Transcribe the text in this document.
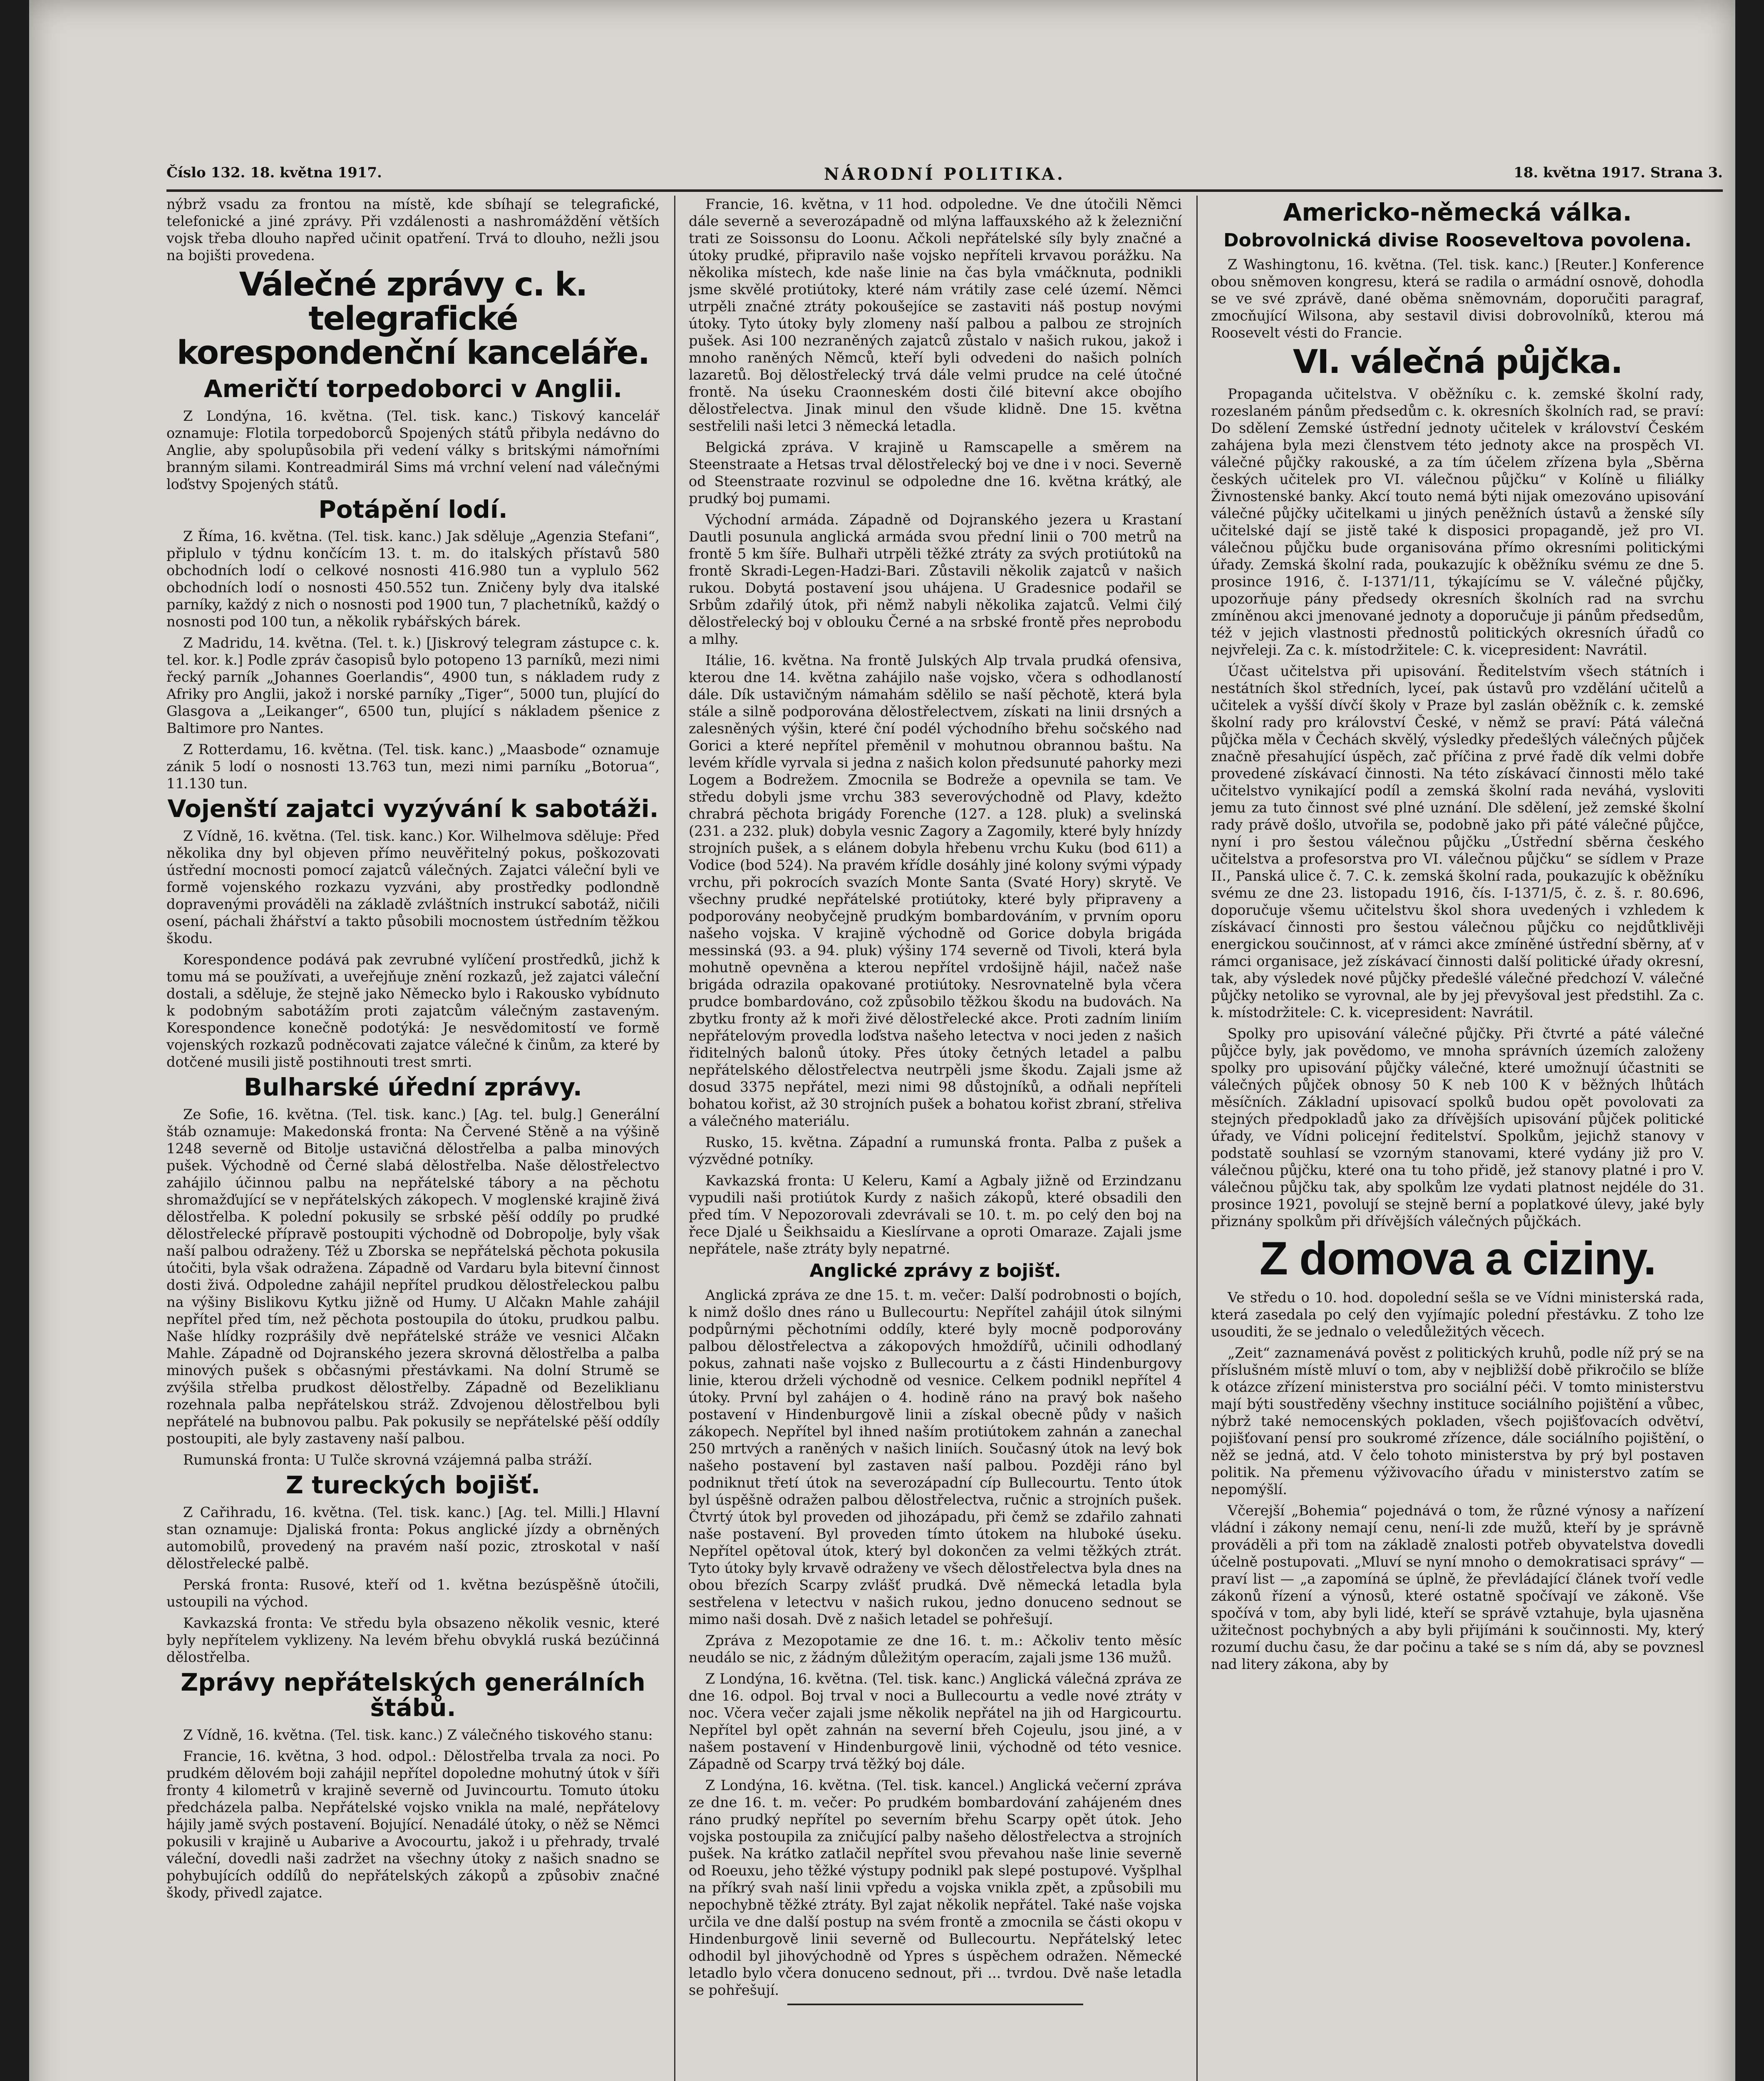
Číslo 132. 18. května 1917.	NÁRODNÍ POLITIKA.	18. května 1917. Strana 3.

nýbrž vsadu za frontou na místě, kde sbíhají se telegrafické, telefonické a jiné zprávy. Při vzdálenosti a nashromáždění větších vojsk třeba dlouho napřed učinit opatření. Trvá to dlouho, nežli jsou na bojišti provedena.

Válečné zprávy c. k. telegrafické korespondenční kanceláře.
Američtí torpedoborci v Anglii.

Z Londýna, 16. května. (Tel. tisk. kanc.) Tiskový kancelář oznamuje: Flotila torpedoborců Spojených států přibyla nedávno do Anglie, aby spolupůsobila při vedení války s britskými námořními branným silami. Kontreadmirál Sims má vrchní velení nad válečnými loďstvy Spojených států.

Potápění lodí.

Z Říma, 16. května. (Tel. tisk. kanc.) Jak sděluje „Agenzia Stefani“, připlulo v týdnu končícím 13. t. m. do italských přístavů 580 obchodních lodí o celkové nosnosti 416.980 tun a vyplulo 562 obchodních lodí o nosnosti 450.552 tun. Zničeny byly dva italské parníky, každý z nich o nosnosti pod 1900 tun, 7 plachetníků, každý o nosnosti pod 100 tun, a několik rybářských bárek.

Z Madridu, 14. května. (Tel. t. k.) [Jiskrový telegram zástupce c. k. tel. kor. k.] Podle zpráv časopisů bylo potopeno 13 parníků, mezi nimi řecký parník „Johannes Goerlandis“, 4900 tun, s nákladem rudy z Afriky pro Anglii, jakož i norské parníky „Tiger“, 5000 tun, plující do Glasgova a „Leikanger“, 6500 tun, plující s nákladem pšenice z Baltimore pro Nantes.

Z Rotterdamu, 16. května. (Tel. tisk. kanc.) „Maasbode“ oznamuje zánik 5 lodí o nosnosti 13.763 tun, mezi nimi parníku „Botorua“, 11.130 tun.

Vojenští zajatci vyzývání k sabotáži.

Z Vídně, 16. května. (Tel. tisk. kanc.) Kor. Wilhelmova sděluje: Před několika dny byl objeven přímo neuvěřitelný pokus, poškozovati ústřední mocnosti pomocí zajatců válečných. Zajatci váleční byli ve formě vojenského rozkazu vyzváni, aby prostředky podlondně dopravenými prováděli na základě zvláštních instrukcí sabotáž, ničili osení, páchali žhářství a takto působili mocnostem ústředním těžkou škodu.

Korespondence podává pak zevrubné vylíčení prostředků, jichž k tomu má se používati, a uveřejňuje znění rozkazů, jež zajatci váleční dostali, a sděluje, že stejně jako Německo bylo i Rakousko vybídnuto k podobným sabotážím proti zajatcům válečným zastaveným. Korespondence konečně podotýká: Je nesvědomitostí ve formě vojenských rozkazů podněcovati zajatce válečné k činům, za které by dotčené musili jistě postihnouti trest smrti.

Bulharské úřední zprávy.

Ze Sofie, 16. května. (Tel. tisk. kanc.) [Ag. tel. bulg.] Generální štáb oznamuje: Makedonská fronta: Na Červené Stěně a na výšině 1248 severně od Bitolje ustavičná dělostřelba a palba minových pušek. Východně od Černé slabá dělostřelba. Naše dělostřelectvo zahájilo účinnou palbu na nepřátelské tábory a na pěchotu shromažďující se v nepřátelských zákopech. V moglenské krajině živá dělostřelba. K polední pokusily se srbské pěší oddíly po prudké dělostřelecké přípravě postoupiti východně od Dobropolje, byly však naší palbou odraženy. Též u Zborska se nepřátelská pěchota pokusila útočiti, byla však odražena. Západně od Vardaru byla bitevní činnost dosti živá. Odpoledne zahájil nepřítel prudkou dělostřeleckou palbu na výšiny Bislikovu Kytku jižně od Humy. U Alčakn Mahle zahájil nepřítel před tím, než pěchota postoupila do útoku, prudkou palbu. Naše hlídky rozprášily dvě nepřátelské stráže ve vesnici Alčakn Mahle. Západně od Dojranského jezera skrovná dělostřelba a palba minových pušek s občasnými přestávkami. Na dolní Strumě se zvýšila střelba prudkost dělostřelby. Západně od Bezeliklianu rozehnala palba nepřátelskou stráž. Zdvojenou dělostřelbou byli nepřátelé na bubnovou palbu. Pak pokusily se nepřátelské pěší oddíly postoupiti, ale byly zastaveny naší palbou.

Rumunská fronta: U Tulče skrovná vzájemná palba stráží.

Z tureckých bojišť.

Z Cařihradu, 16. května. (Tel. tisk. kanc.) [Ag. tel. Milli.] Hlavní stan oznamuje: Djaliská fronta: Pokus anglické jízdy a obrněných automobilů, provedený na pravém naší pozic, ztroskotal v naší dělostřelecké palbě.

Perská fronta: Rusové, kteří od 1. května bezúspěšně útočili, ustoupili na východ.

Kavkazská fronta: Ve středu byla obsazeno několik vesnic, které byly nepřítelem vyklizeny. Na levém břehu obvyklá ruská bezúčinná dělostřelba.

Zprávy nepřátelských generálních štábů.

Z Vídně, 16. května. (Tel. tisk. kanc.) Z válečného tiskového stanu:

Francie, 16. května, 3 hod. odpol.: Dělostřelba trvala za noci. Po prudkém dělovém boji zahájil nepřítel dopoledne mohutný útok v šíři fronty 4 kilometrů v krajině severně od Juvincourtu. Tomuto útoku předcházela palba. Nepřátelské vojsko vnikla na malé, nepřátelovy hájily jamě svých postavení. Bojující. Nenadálé útoky, o něž se Němci pokusili v krajině u Aubarive a Avocourtu, jakož i u přehrady, trvalé váleční, dovedli naši zadržet na všechny útoky z našich snadno se pohybujících oddílů do nepřátelských zákopů a způsobiv značné škody, přivedl zajatce.

Francie, 16. května, v 11 hod. odpoledne. Ve dne útočili Němci dále severně a severozápadně od mlýna laffauxského až k železniční trati ze Soissonsu do Loonu. Ačkoli nepřátelské síly byly značné a útoky prudké, připravilo naše vojsko nepříteli krvavou porážku. Na několika místech, kde naše linie na čas byla vmáčknuta, podnikli jsme skvělé protiútoky, které nám vrátily zase celé území. Němci utrpěli značné ztráty pokoušejíce se zastaviti náš postup novými útoky. Tyto útoky byly zlomeny naší palbou a palbou ze strojních pušek. Asi 100 nezraněných zajatců zůstalo v našich rukou, jakož i mnoho raněných Němců, kteří byli odvedeni do našich polních lazaretů. Boj dělostřelecký trvá dále velmi prudce na celé útočné frontě. Na úseku Craonneském dosti čilé bitevní akce obojího dělostřelectva. Jinak minul den všude klidně. Dne 15. května sestřelili naši letci 3 německá letadla.

Belgická zpráva. V krajině u Ramscapelle a směrem na Steenstraate a Hetsas trval dělostřelecký boj ve dne i v noci. Severně od Steenstraate rozvinul se odpoledne dne 16. května krátký, ale prudký boj pumami.

Východní armáda. Západně od Dojranského jezera u Krastaní Dautli posunula anglická armáda svou přední linii o 700 metrů na frontě 5 km šíře. Bulhaři utrpěli těžké ztráty za svých protiútoků na frontě Skradi-Legen-Hadzi-Bari. Zůstavili několik zajatců v našich rukou. Dobytá postavení jsou uhájena. U Gradesnice podařil se Srbům zdařilý útok, při němž nabyli několika zajatců. Velmi čilý dělostřelecký boj v oblouku Černé a na srbské frontě přes neprobodu a mlhy.

Itálie, 16. května. Na frontě Julských Alp trvala prudká ofensiva, kterou dne 14. května zahájilo naše vojsko, včera s odhodlaností dále. Dík ustavičným námahám sdělilo se naší pěchotě, která byla stále a silně podporována dělostřelectvem, získati na linii drsných a zalesněných výšin, které ční podél východního břehu sočského nad Gorici a které nepřítel přeměnil v mohutnou obrannou baštu. Na levém křídle vyrvala si jedna z našich kolon předsunuté pahorky mezi Logem a Bodrežem. Zmocnila se Bodreže a opevnila se tam. Ve středu dobyli jsme vrchu 383 severovýchodně od Plavy, kdežto chrabrá pěchota brigády Forenche (127. a 128. pluk) a svelinská (231. a 232. pluk) dobyla vesnic Zagory a Zagomily, které byly hnízdy strojních pušek, a s elánem dobyla hřebenu vrchu Kuku (bod 611) a Vodice (bod 524). Na pravém křídle dosáhly jiné kolony svými výpady vrchu, při pokrocích svazích Monte Santa (Svaté Hory) skrytě. Ve všechny prudké nepřátelské protiútoky, které byly připraveny a podporovány neobyčejně prudkým bombardováním, v prvním oporu našeho vojska. V krajině východně od Gorice dobyla brigáda messinská (93. a 94. pluk) výšiny 174 severně od Tivoli, která byla mohutně opevněna a kterou nepřítel vrdošijně hájil, načež naše brigáda odrazila opakované protiútoky. Nesrovnatelně byla včera prudce bombardováno, což způsobilo těžkou škodu na budovách. Na zbytku fronty až k moři živé dělostřelecké akce. Proti zadním liniím nepřátelovým provedla loďstva našeho letectva v noci jeden z našich řiditelných balonů útoky. Přes útoky četných letadel a palbu nepřátelského dělostřelectva neutrpěli jsme škodu. Zajali jsme až dosud 3375 nepřátel, mezi nimi 98 důstojníků, a odňali nepříteli bohatou kořist, až 30 strojních pušek a bohatou kořist zbraní, střeliva a válečného materiálu.

Rusko, 15. května. Západní a rumunská fronta. Palba z pušek a výzvědné potníky.

Kavkazská fronta: U Keleru, Kamí a Agbaly jižně od Erzindzanu vypudili naši protiútok Kurdy z našich zákopů, které obsadili den před tím. V Nepozorovali zdevrávali se 10. t. m. po celý den boj na řece Djalé u Šeikhsaidu a Kieslírvane a oproti Omaraze. Zajali jsme nepřátele, naše ztráty byly nepatrné.

Anglické zprávy z bojišť.

Anglická zpráva ze dne 15. t. m. večer: Další podrobnosti o bojích, k nimž došlo dnes ráno u Bullecourtu: Nepřítel zahájil útok silnými podpůrnými pěchotními oddíly, které byly mocně podporovány palbou dělostřelectva a zákopových hmoždířů, učinili odhodlaný pokus, zahnati naše vojsko z Bullecourtu a z části Hindenburgovy linie, kterou drželi východně od vesnice. Celkem podnikl nepřítel 4 útoky. První byl zahájen o 4. hodině ráno na pravý bok našeho postavení v Hindenburgově linii a získal obecně půdy v našich zákopech. Nepřítel byl ihned naším protiútokem zahnán a zanechal 250 mrtvých a raněných v našich liniích. Současný útok na levý bok našeho postavení byl zastaven naší palbou. Později ráno byl podniknut třetí útok na severozápadní cíp Bullecourtu. Tento útok byl úspěšně odražen palbou dělostřelectva, ručnic a strojních pušek. Čtvrtý útok byl proveden od jihozápadu, při čemž se zdařilo zahnati naše postavení. Byl proveden tímto útokem na hluboké úseku. Nepřítel opětoval útok, který byl dokončen za velmi těžkých ztrát. Tyto útoky byly krvavě odraženy ve všech dělostřelectva byla dnes na obou březích Scarpy zvlášť prudká. Dvě německá letadla byla sestřelena v letectvu v našich rukou, jedno donuceno sednout se mimo naši dosah. Dvě z našich letadel se pohřešují.

Zpráva z Mezopotamie ze dne 16. t. m.: Ačkoliv tento měsíc neudálo se nic, z žádným důležitým operacím, zajali jsme 136 mužů.

Z Londýna, 16. května. (Tel. tisk. kanc.) Anglická válečná zpráva ze dne 16. odpol. Boj trval v noci a Bullecourtu a vedle nové ztráty v noc. Včera večer zajali jsme několik nepřátel na jih od Hargicourtu. Nepřítel byl opět zahnán na severní břeh Cojeulu, jsou jiné, a v našem postavení v Hindenburgově linii, východně od této vesnice. Západně od Scarpy trvá těžký boj dále.

Z Londýna, 16. května. (Tel. tisk. kancel.) Anglická večerní zpráva ze dne 16. t. m. večer: Po prudkém bombardování zahájeném dnes ráno prudký nepřítel po severním břehu Scarpy opět útok. Jeho vojska postoupila za zničující palby našeho dělostřelectva a strojních pušek. Na krátko zatlačil nepřítel svou převahou naše linie severně od Roeuxu, jeho těžké výstupy podnikl pak slepé postupové. Vyšplhal na příkrý svah naší linii vpředu a vojska vnikla zpět, a způsobili mu nepochybně těžké ztráty. Byl zajat několik nepřátel. Také naše vojska určila ve dne další postup na svém frontě a zmocnila se části okopu v Hindenburgově linii severně od Bullecourtu. Nepřátelský letec odhodil byl jihovýchodně od Ypres s úspěchem odražen. Německé letadlo bylo včera donuceno sednout, při ... tvrdou. Dvě naše letadla se pohřešují.

Americko-německá válka.
Dobrovolnická divise Rooseveltova povolena.

Z Washingtonu, 16. května. (Tel. tisk. kanc.) [Reuter.] Konference obou sněmoven kongresu, která se radila o armádní osnově, dohodla se ve své zprávě, dané oběma sněmovnám, doporučiti paragraf, zmocňující Wilsona, aby sestavil divisi dobrovolníků, kterou má Roosevelt vésti do Francie.

VI. válečná půjčka.

Propaganda učitelstva. V oběžníku c. k. zemské školní rady, rozeslaném pánům předsedům c. k. okresních školních rad, se praví: Do sdělení Zemské ústřední jednoty učitelek v království Českém zahájena byla mezi členstvem této jednoty akce na prospěch VI. válečné půjčky rakouské, a za tím účelem zřízena byla „Sběrna českých učitelek pro VI. válečnou půjčku“ v Kolíně u filiálky Živnostenské banky. Akcí touto nemá býti nijak omezováno upisování válečné půjčky učitelkami u jiných peněžních ústavů a ženské síly učitelské dají se jistě také k disposici propagandě, jež pro VI. válečnou půjčku bude organisována přímo okresními politickými úřady. Zemská školní rada, poukazujíc k oběžníku svému ze dne 5. prosince 1916, č. I-1371/11, týkajícímu se V. válečné půjčky, upozorňuje pány předsedy okresních školních rad na svrchu zmíněnou akci jmenované jednoty a doporučuje ji pánům předsedům, též v jejich vlastnosti přednostů politických okresních úřadů co nejvřeleji. Za c. k. místodržitele: C. k. vicepresident: Navrátil.

Účast učitelstva při upisování. Ředitelstvím všech státních i nestátních škol středních, lyceí, pak ústavů pro vzdělání učitelů a učitelek a vyšší dívčí školy v Praze byl zaslán oběžník c. k. zemské školní rady pro království České, v němž se praví: Pátá válečná půjčka měla v Čechách skvělý, výsledky předešlých válečných půjček značně přesahující úspěch, zač příčina z prvé řadě dík velmi dobře provedené získávací činnosti. Na této získávací činnosti mělo také učitelstvo vynikající podíl a zemská školní rada neváhá, vysloviti jemu za tuto činnost své plné uznání. Dle sdělení, jež zemské školní rady právě došlo, utvořila se, podobně jako při páté válečné půjčce, nyní i pro šestou válečnou půjčku „Ústřední sběrna českého učitelstva a profesorstva pro VI. válečnou půjčku“ se sídlem v Praze II., Panská ulice č. 7. C. k. zemská školní rada, poukazujíc k oběžníku svému ze dne 23. listopadu 1916, čís. I-1371/5, č. z. š. r. 80.696, doporučuje všemu učitelstvu škol shora uvedených i vzhledem k získávací činnosti pro šestou válečnou půjčku co nejdůtklivěji energickou součinnost, ať v rámci akce zmíněné ústřední sběrny, ať v rámci organisace, jež získávací činnosti další politické úřady okresní, tak, aby výsledek nové půjčky předešlé válečné předchozí V. válečné půjčky netoliko se vyrovnal, ale by jej převyšoval jest předstihl. Za c. k. místodržitele: C. k. vicepresident: Navrátil.

Spolky pro upisování válečné půjčky. Při čtvrté a páté válečné půjčce byly, jak povědomo, ve mnoha správních územích založeny spolky pro upisování půjčky válečné, které umožnují účastniti se válečných půjček obnosy 50 K neb 100 K v běžných lhůtách měsíčních. Základní upisovací spolků budou opět povolovati za stejných předpokladů jako za dřívějších upisování půjček politické úřady, ve Vídni policejní ředitelství. Spolkům, jejichž stanovy v podstatě souhlasí se vzorným stanovami, které vydány již pro V. válečnou půjčku, které ona tu toho přidě, jež stanovy platné i pro V. válečnou půjčku tak, aby spolkům lze vydati platnost nejdéle do 31. prosince 1921, povolují se stejně berní a poplatkové úlevy, jaké byly přiznány spolkům při dřívějších válečných půjčkách.

Z domova a ciziny.

Ve středu o 10. hod. dopolední sešla se ve Vídni ministerská rada, která zasedala po celý den vyjímajíc polední přestávku. Z toho lze usouditi, že se jednalo o veledůležitých věcech.

„Zeit“ zaznamenává pověst z politických kruhů, podle níž prý se na příslušném místě mluví o tom, aby v nejbližší době přikročilo se blíže k otázce zřízení ministerstva pro sociální péči. V tomto ministerstvu mají býti soustředěny všechny instituce sociálního pojištění a vůbec, nýbrž také nemocenských pokladen, všech pojišťovacích odvětví, pojišťovaní pensí pro soukromé zřízence, dále sociálního pojištění, o něž se jedná, atd. V čelo tohoto ministerstva by prý byl postaven politik. Na přemenu výživovacího úřadu v ministerstvo zatím se nepomýšlí.

Včerejší „Bohemia“ pojednává o tom, že různé výnosy a nařízení vládní i zákony nemají cenu, není-li zde mužů, kteří by je správně prováděli a při tom na základě znalosti potřeb obyvatelstva dovedli účelně postupovati. „Mluví se nyní mnoho o demokratisaci správy“ — praví list — „a zapomíná se úplně, že převládající článek tvoří vedle zákonů řízení a výnosů, které ostatně spočívají ve zákoně. Vše spočívá v tom, aby byli lidé, kteří se správě vztahuje, byla ujasněna užitečnost pochybných a aby byli přijímáni k součinnosti. My, který rozumí duchu času, že dar počinu a také se s ním dá, aby se povznesl nad litery zákona, aby by
